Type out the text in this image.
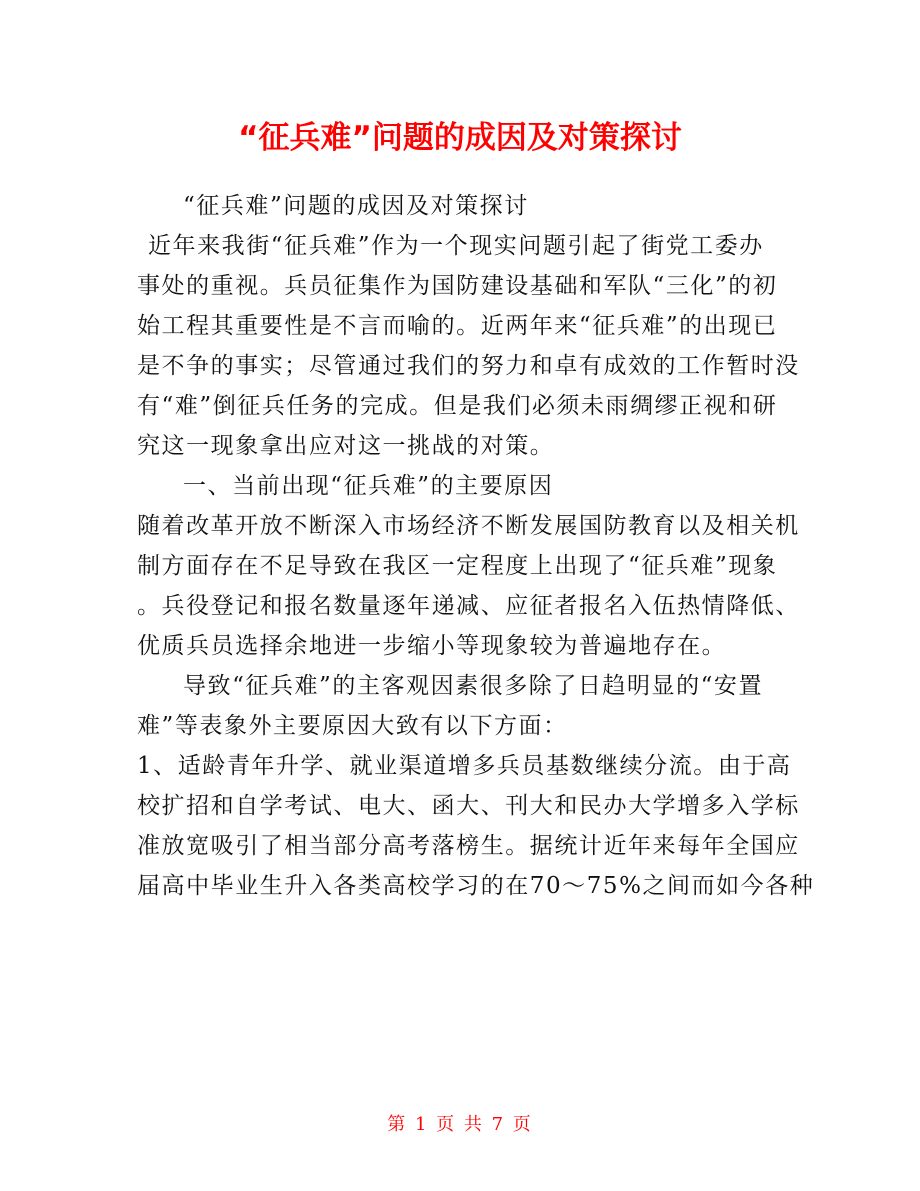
“征兵难”问题的成因及对策探讨
“征兵难”问题的成因及对策探讨
近年来我街“征兵难”作为一个现实问题引起了街党工委办
事处的重视。兵员征集作为国防建设基础和军队“三化”的初
始工程其重要性是不言而喻的。近两年来“征兵难”的出现已
是不争的事实；尽管通过我们的努力和卓有成效的工作暂时没
有“难”倒征兵任务的完成。但是我们必须未雨绸缪正视和研
究这一现象拿出应对这一挑战的对策。
一、当前出现“征兵难”的主要原因
随着改革开放不断深入市场经济不断发展国防教育以及相关机
制方面存在不足导致在我区一定程度上出现了“征兵难”现象
。兵役登记和报名数量逐年递减、应征者报名入伍热情降低、
优质兵员选择余地进一步缩小等现象较为普遍地存在。
导致“征兵难”的主客观因素很多除了日趋明显的“安置
难”等表象外主要原因大致有以下方面：
1、适龄青年升学、就业渠道增多兵员基数继续分流。由于高
校扩招和自学考试、电大、函大、刊大和民办大学增多入学标
准放宽吸引了相当部分高考落榜生。据统计近年来每年全国应
届高中毕业生升入各类高校学习的在70～75%之间而如今各种
第 1 页 共 7 页
